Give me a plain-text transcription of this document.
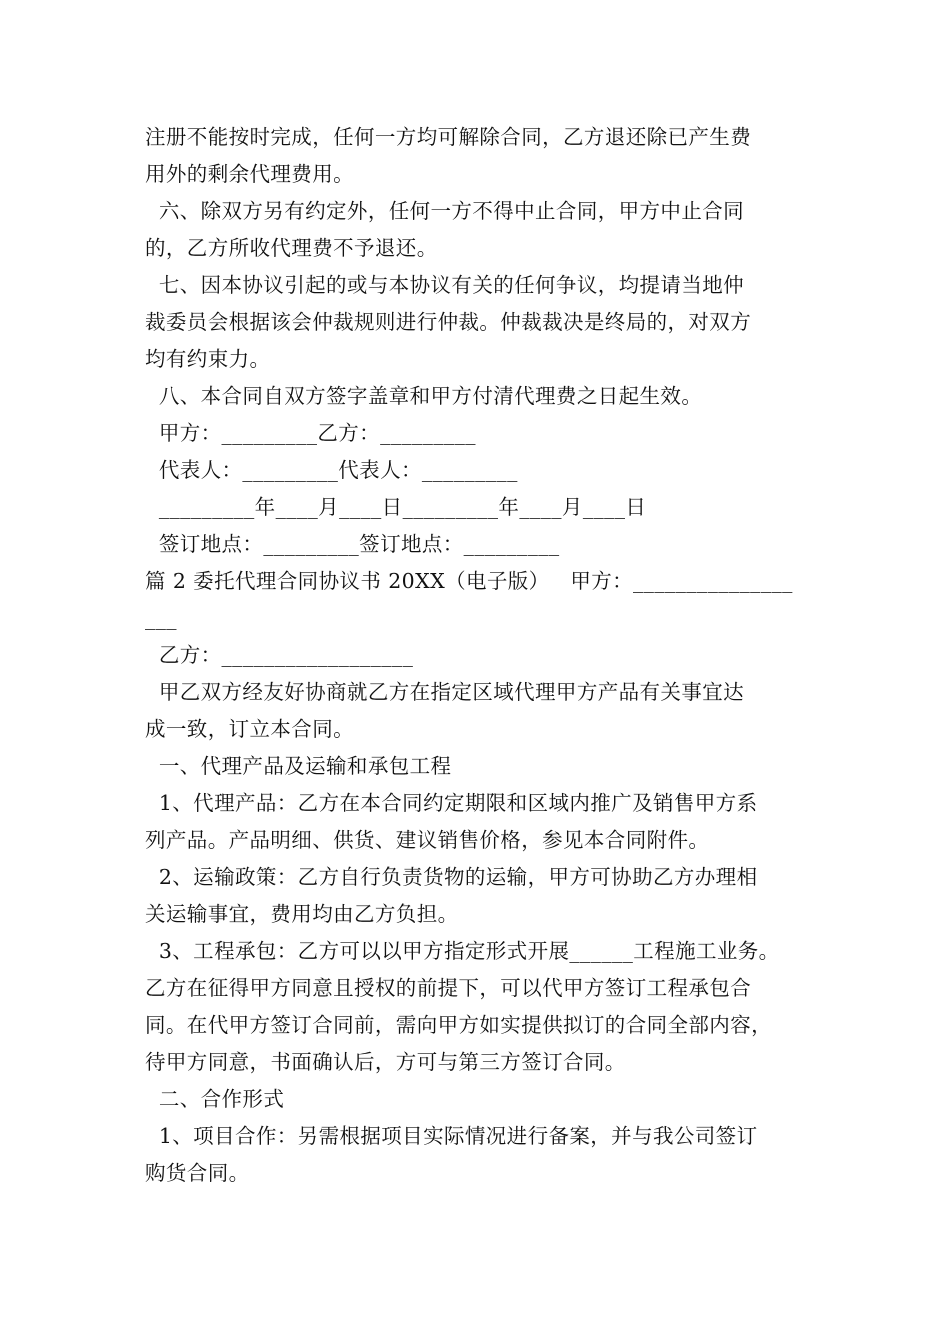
注册不能按时完成，任何一方均可解除合同，乙方退还除已产生费
用外的剩余代理费用。
六、除双方另有约定外，任何一方不得中止合同，甲方中止合同
的，乙方所收代理费不予退还。
七、因本协议引起的或与本协议有关的任何争议，均提请当地仲
裁委员会根据该会仲裁规则进行仲裁。仲裁裁决是终局的，对双方
均有约束力。
八、本合同自双方签字盖章和甲方付清代理费之日起生效。
甲方：_________乙方：_________
代表人：_________代表人：_________
_________年____月____日_________年____月____日
签订地点：_________签订地点：_________
篇 2 委托代理合同协议书 20XX（电子版）   甲方：_______________
___
乙方：__________________
甲乙双方经友好协商就乙方在指定区域代理甲方产品有关事宜达
成一致，订立本合同。
一、代理产品及运输和承包工程
1、代理产品：乙方在本合同约定期限和区域内推广及销售甲方系
列产品。产品明细、供货、建议销售价格，参见本合同附件。
2、运输政策：乙方自行负责货物的运输，甲方可协助乙方办理相
关运输事宜，费用均由乙方负担。
3、工程承包：乙方可以以甲方指定形式开展______工程施工业务。
乙方在征得甲方同意且授权的前提下，可以代甲方签订工程承包合
同。在代甲方签订合同前，需向甲方如实提供拟订的合同全部内容，
待甲方同意，书面确认后，方可与第三方签订合同。
二、合作形式
1、项目合作：另需根据项目实际情况进行备案，并与我公司签订
购货合同。
